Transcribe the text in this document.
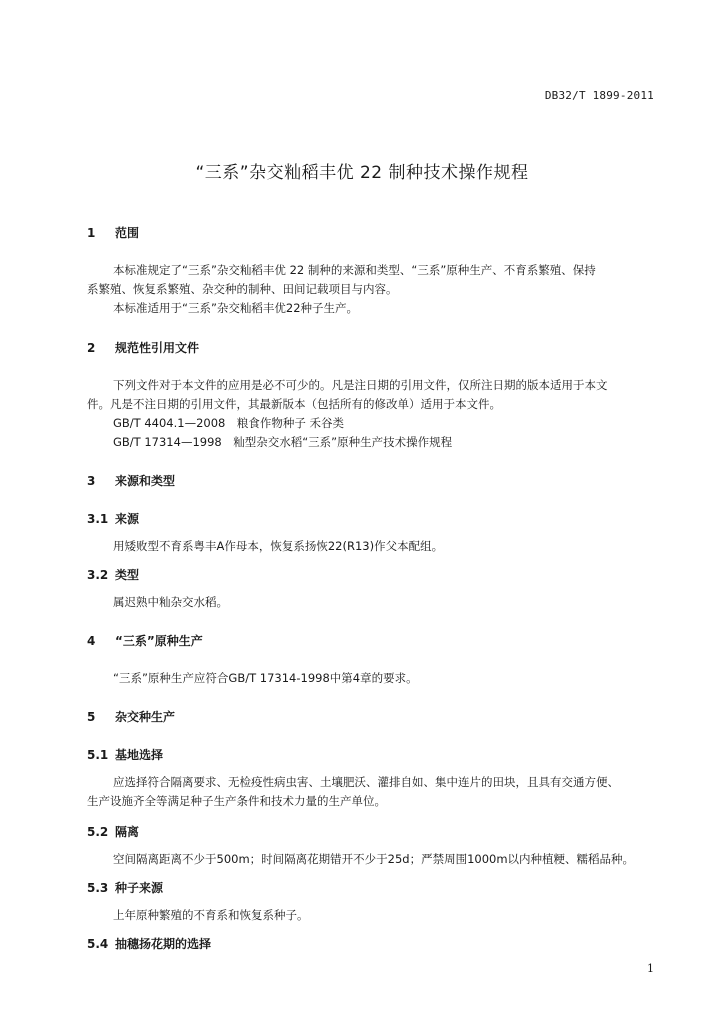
DB32/T 1899-2011
“三系”杂交籼稻丰优 22 制种技术操作规程
1 范围
本标准规定了“三系”杂交籼稻丰优 22 制种的来源和类型、“三系”原种生产、不育系繁殖、保持
系繁殖、恢复系繁殖、杂交种的制种、田间记载项目与内容。
本标准适用于“三系”杂交籼稻丰优22种子生产。
2 规范性引用文件
下列文件对于本文件的应用是必不可少的。凡是注日期的引用文件，仅所注日期的版本适用于本文
件。凡是不注日期的引用文件，其最新版本（包括所有的修改单）适用于本文件。
GB/T 4404.1—2008　粮食作物种子 禾谷类
GB/T 17314—1998　籼型杂交水稻“三系”原种生产技术操作规程
3 来源和类型
3.1 来源
用矮败型不育系粤丰A作母本，恢复系扬恢22(R13)作父本配组。
3.2 类型
属迟熟中籼杂交水稻。
4 “三系”原种生产
“三系”原种生产应符合GB/T 17314-1998中第4章的要求。
5 杂交种生产
5.1 基地选择
应选择符合隔离要求、无检疫性病虫害、土壤肥沃、灌排自如、集中连片的田块，且具有交通方便、
生产设施齐全等满足种子生产条件和技术力量的生产单位。
5.2 隔离
空间隔离距离不少于500m；时间隔离花期错开不少于25d；严禁周围1000m以内种植粳、糯稻品种。
5.3 种子来源
上年原种繁殖的不育系和恢复系种子。
5.4 抽穗扬花期的选择
1
